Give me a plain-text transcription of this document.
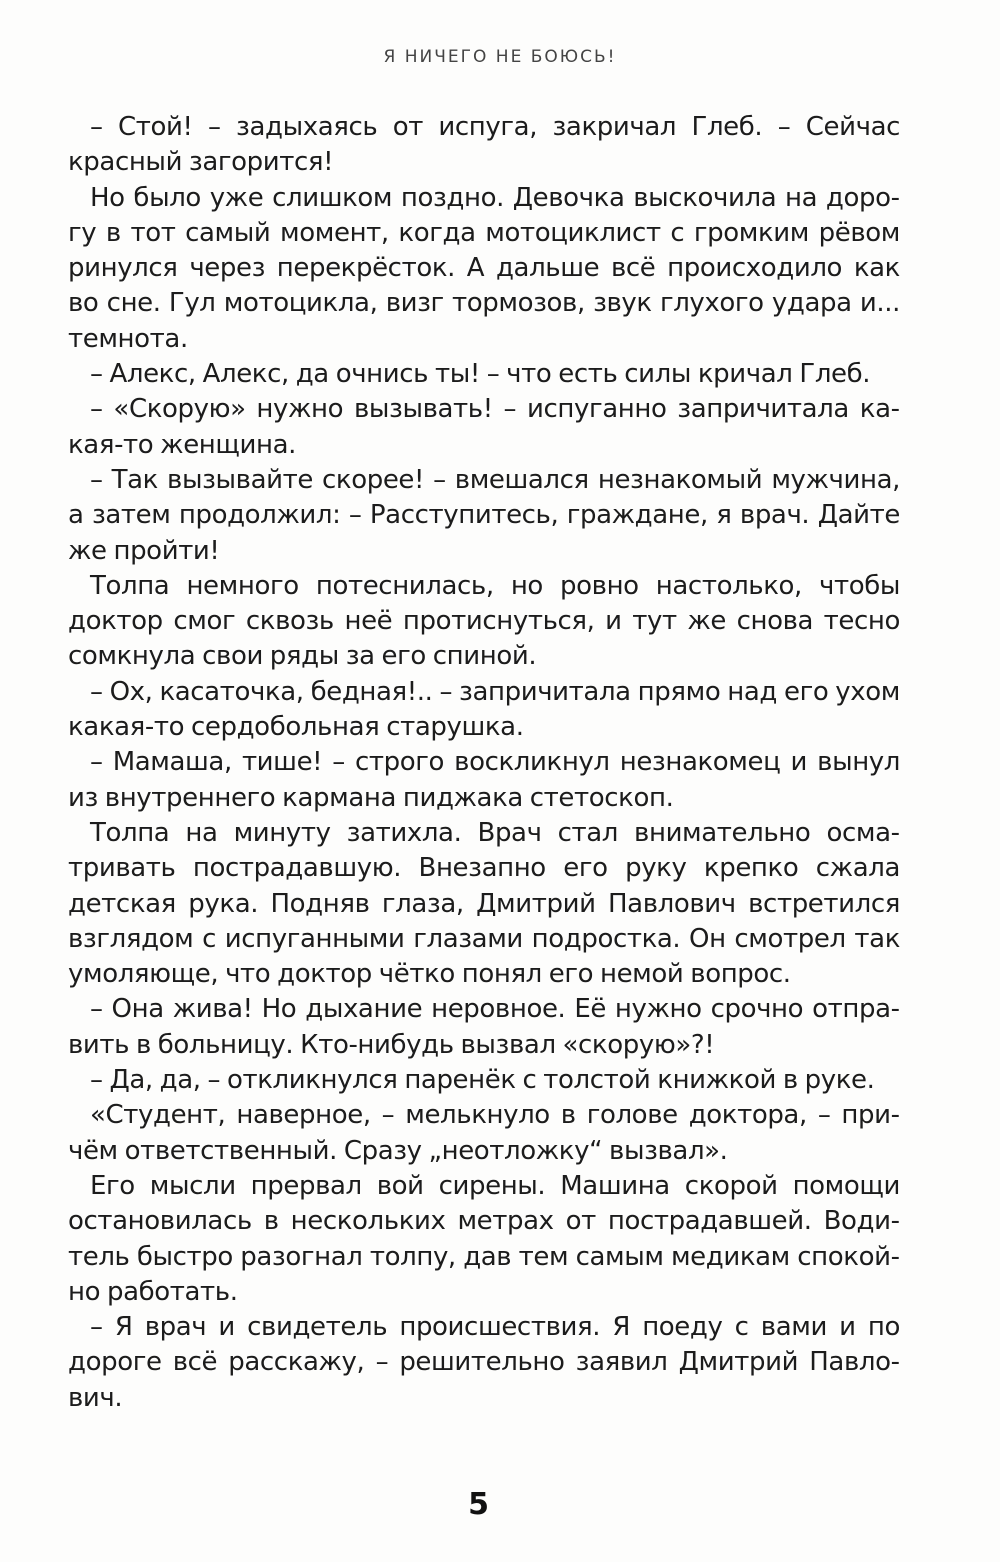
Я НИЧЕГО НЕ БОЮСЬ!

– Стой! – задыхаясь от испуга, закричал Глеб. – Сейчас красный загорится!

Но было уже слишком поздно. Девочка выскочила на дорогу в тот самый момент, когда мотоциклист с громким рёвом ринулся через перекрёсток. А дальше всё происходило как во сне. Гул мотоцикла, визг тормозов, звук глухого удара и... темнота.

– Алекс, Алекс, да очнись ты! – что есть силы кричал Глеб.

– «Скорую» нужно вызывать! – испуганно запричитала какая-то женщина.

– Так вызывайте скорее! – вмешался незнакомый мужчина, а затем продолжил: – Расступитесь, граждане, я врач. Дайте же пройти!

Толпа немного потеснилась, но ровно настолько, чтобы доктор смог сквозь неё протиснуться, и тут же снова тесно сомкнула свои ряды за его спиной.

– Ох, касаточка, бедная!.. – запричитала прямо над его ухом какая-то сердобольная старушка.

– Мамаша, тише! – строго воскликнул незнакомец и вынул из внутреннего кармана пиджака стетоскоп.

Толпа на минуту затихла. Врач стал внимательно осматривать пострадавшую. Внезапно его руку крепко сжала детская рука. Подняв глаза, Дмитрий Павлович встретился взглядом с испуганными глазами подростка. Он смотрел так умоляюще, что доктор чётко понял его немой вопрос.

– Она жива! Но дыхание неровное. Её нужно срочно отправить в больницу. Кто-нибудь вызвал «скорую»?!

– Да, да, – откликнулся паренёк с толстой книжкой в руке.

«Студент, наверное, – мелькнуло в голове доктора, – причём ответственный. Сразу „неотложку“ вызвал».

Его мысли прервал вой сирены. Машина скорой помощи остановилась в нескольких метрах от пострадавшей. Водитель быстро разогнал толпу, дав тем самым медикам спокойно работать.

– Я врач и свидетель происшествия. Я поеду с вами и по дороге всё расскажу, – решительно заявил Дмитрий Павлович.

5
